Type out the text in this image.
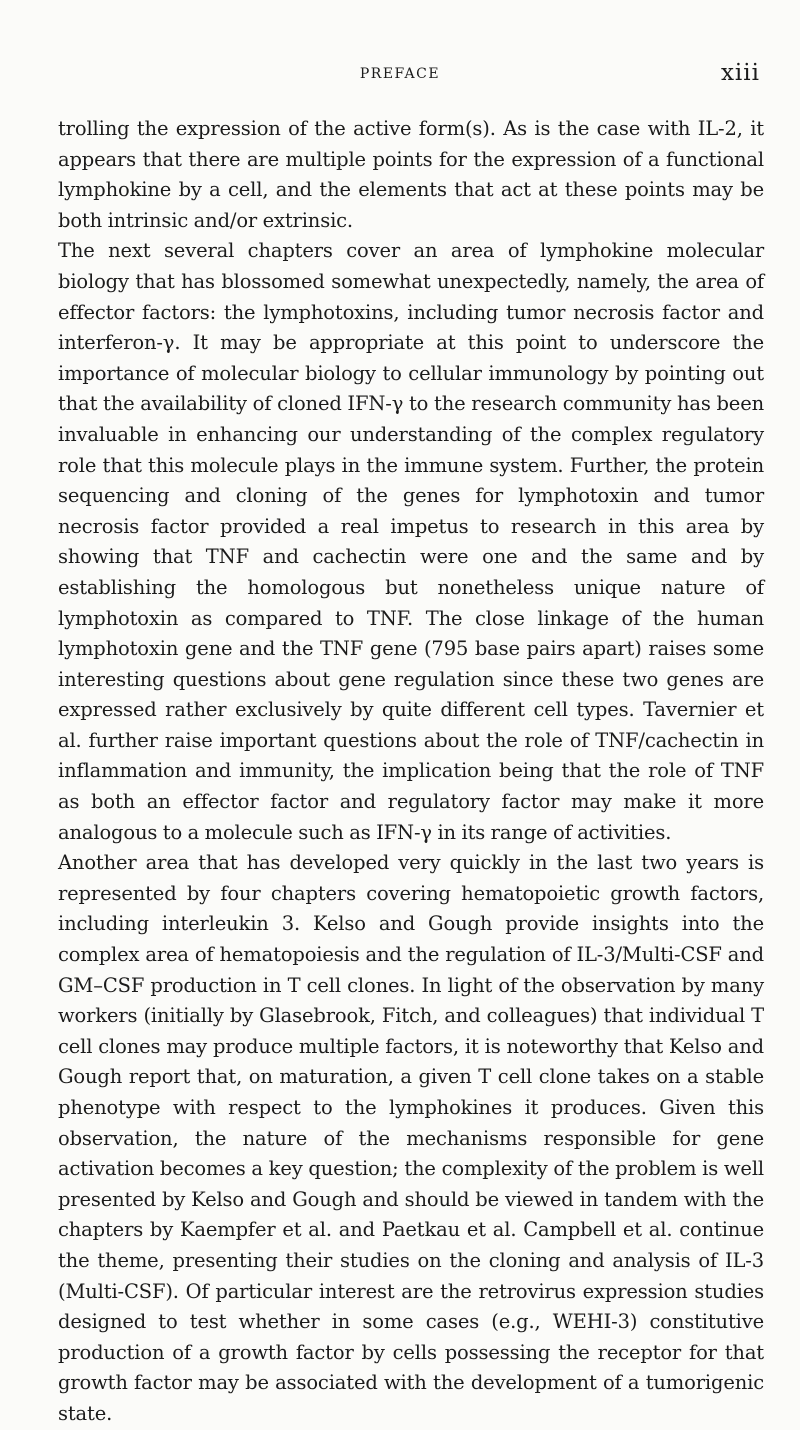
PREFACE	xiii

trolling the expression of the active form(s). As is the case with IL-2, it appears that there are multiple points for the expression of a functional lymphokine by a cell, and the elements that act at these points may be both intrinsic and/or extrinsic.

The next several chapters cover an area of lymphokine molecular biology that has blossomed somewhat unexpectedly, namely, the area of effector factors: the lymphotoxins, including tumor necrosis factor and interferon-γ. It may be appropriate at this point to underscore the importance of molecular biology to cellular immunology by pointing out that the availability of cloned IFN-γ to the research community has been invaluable in enhancing our understanding of the complex regulatory role that this molecule plays in the immune system. Further, the protein sequencing and cloning of the genes for lymphotoxin and tumor necrosis factor provided a real impetus to research in this area by showing that TNF and cachectin were one and the same and by establishing the homologous but nonetheless unique nature of lymphotoxin as compared to TNF. The close linkage of the human lymphotoxin gene and the TNF gene (795 base pairs apart) raises some interesting questions about gene regulation since these two genes are expressed rather exclusively by quite different cell types. Tavernier et al. further raise important questions about the role of TNF/cachectin in inflammation and immunity, the implication being that the role of TNF as both an effector factor and regulatory factor may make it more analogous to a molecule such as IFN-γ in its range of activities.

Another area that has developed very quickly in the last two years is represented by four chapters covering hematopoietic growth factors, including interleukin 3. Kelso and Gough provide insights into the complex area of hematopoiesis and the regulation of IL-3/Multi-CSF and GM–CSF production in T cell clones. In light of the observation by many workers (initially by Glasebrook, Fitch, and colleagues) that individual T cell clones may produce multiple factors, it is noteworthy that Kelso and Gough report that, on maturation, a given T cell clone takes on a stable phenotype with respect to the lymphokines it produces. Given this observation, the nature of the mechanisms responsible for gene activation becomes a key question; the complexity of the problem is well presented by Kelso and Gough and should be viewed in tandem with the chapters by Kaempfer et al. and Paetkau et al. Campbell et al. continue the theme, presenting their studies on the cloning and analysis of IL-3 (Multi-CSF). Of particular interest are the retrovirus expression studies designed to test whether in some cases (e.g., WEHI-3) constitutive production of a growth factor by cells possessing the receptor for that growth factor may be associated with the development of a tumorigenic state.
